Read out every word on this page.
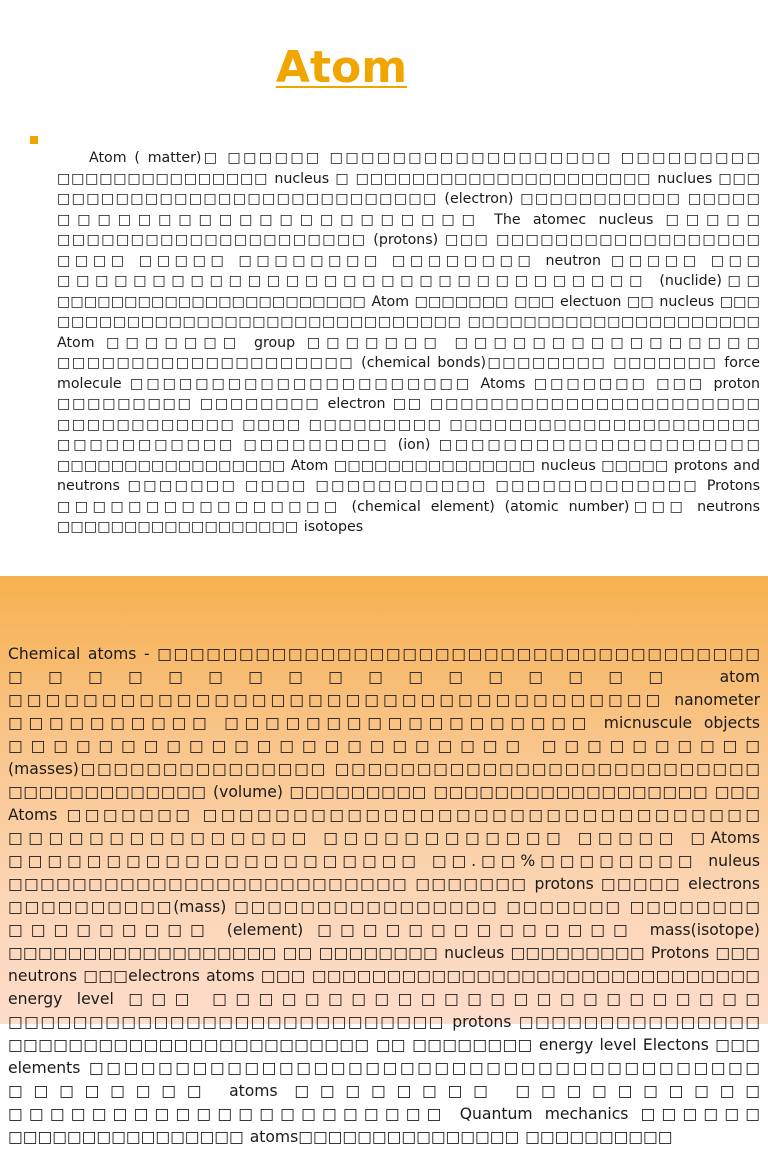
Atom

Atom ( matter)□ □□□□□□ □□□□□□□□□□□□□□□□□□ □□□□□□□□□ □□□□□□□□□□□□□□□ nucleus □ □□□□□□□□□□□□□□□□□□□□□ nuclues □□□ □□□□□□□□□□□□□□□□□□□□□□□□□□ (electron) □□□□□□□□□□□ □□□□□ □□□□□□□□□□□□□□□□□□□□□ The atomec nucleus □□□□□ □□□□□□□□□□□□□□□□□□□□□ (protons) □□□ □□□□□□□□□□□□□□□□□□ □□□□ □□□□□ □□□□□□□□ □□□□□□□□ neutron □□□□□ □□□ □□□□□□□□□□□□□□□□□□□□□□□□□□□□□□□ (nuclide)□□ □□□□□□□□□□□□□□□□□□□□□□□ Atom □□□□□□□ □□□ electuon □□ nucleus □□□ □□□□□□□□□□□□□□□□□□□□□□□□□□□□□ □□□□□□□□□□□□□□□□□□□□□ Atom □□□□□□□ group □□□□□□□ □□□□□□□□□□□□□□□□ □□□□□□□□□□□□□□□□□□□□ (chemical bonds)□□□□□□□□ □□□□□□□ force molecule □□□□□□□□□□□□□□□□□□□□□ Atoms □□□□□□□ □□□ proton □□□□□□□□□ □□□□□□□□ electron □□ □□□□□□□□□□□□□□□□□□□□□□ □□□□□□□□□□□□ □□□□ □□□□□□□□□ □□□□□□□□□□□□□□□□□□□□□ □□□□□□□□□□□ □□□□□□□□□ (ion) □□□□□□□□□□□□□□□□□□□□ □□□□□□□□□□□□□□□□□ Atom □□□□□□□□□□□□□□□ nucleus □□□□□ protons and neutrons □□□□□□□ □□□□ □□□□□□□□□□□ □□□□□□□□□□□□□ Protons □□□□□□□□□□□□□□□□ (chemical element) (atomic number)□□□ neutrons □□□□□□□□□□□□□□□□□□ isotopes

Chemical atoms - □□□□□□□□□□□□□□□□□□□□□□□□□□□□□□□□□□□□□ □□□□□□□□□□□□□□□□□ atom □□□□□□□□□□□□□□□□□□□□□□□□□□□□□□□□□□□ nanometer □□□□□□□□□□ □□□□□□□□□□□□□□□□□□ micnuscule objects □□□□□□□□□□□□□□□□□□□□□□□ □□□□□□□□□□ (masses)□□□□□□□□□□□□□□□ □□□□□□□□□□□□□□□□□□□□□□□□□□ □□□□□□□□□□□□□ (volume) □□□□□□□□□ □□□□□□□□□□□□□□□□□□ □□□ Atoms □□□□□□□ □□□□□□□□□□□□□□□□□□□□□□□□□□□□□□□ □□□□□□□□□□□□□□□ □□□□□□□□□□□□ □□□□□ □Atoms □□□□□□□□□□□□□□□□□□□□□ □□.□□%□□□□□□□□ nuleus □□□□□□□□□□□□□□□□□□□□□□□□□ □□□□□□□ protons □□□□□ electrons □□□□□□□□□□(mass) □□□□□□□□□□□□□□□□ □□□□□□□ □□□□□□□□ □□□□□□□□□ (element) □□□□□□□□□□□□□□ mass(isotope) □□□□□□□□□□□□□□□□□□ □□ □□□□□□□□ nucleus □□□□□□□□□ Protons □□□ neutrons □□□electrons atoms □□□ □□□□□□□□□□□□□□□□□□□□□□□□□□□□□□ energy level □□□ □□□□□□□□□□□□□□□□□□□□□□□□ □□□□□□□□□□□□□□□□□□□□□□□□□□□ protons □□□□□□□□□□□□□□□ □□□□□□□□□□□□□□□□□□□□□□□□ □□ □□□□□□□□ energy level Electons □□□ elements □□□□□□□□□□□□□□□□□□□□□□□□□□□□□□□□□□□□□□□ □□□□□□□□ atoms □□□□□□□□ □□□□□□□□□□ □□□□□□□□□□□□□□□□□□□□□ Quantum mechanics □□□□□□ □□□□□□□□□□□□□□□□ atoms□□□□□□□□□□□□□□□ □□□□□□□□□□
